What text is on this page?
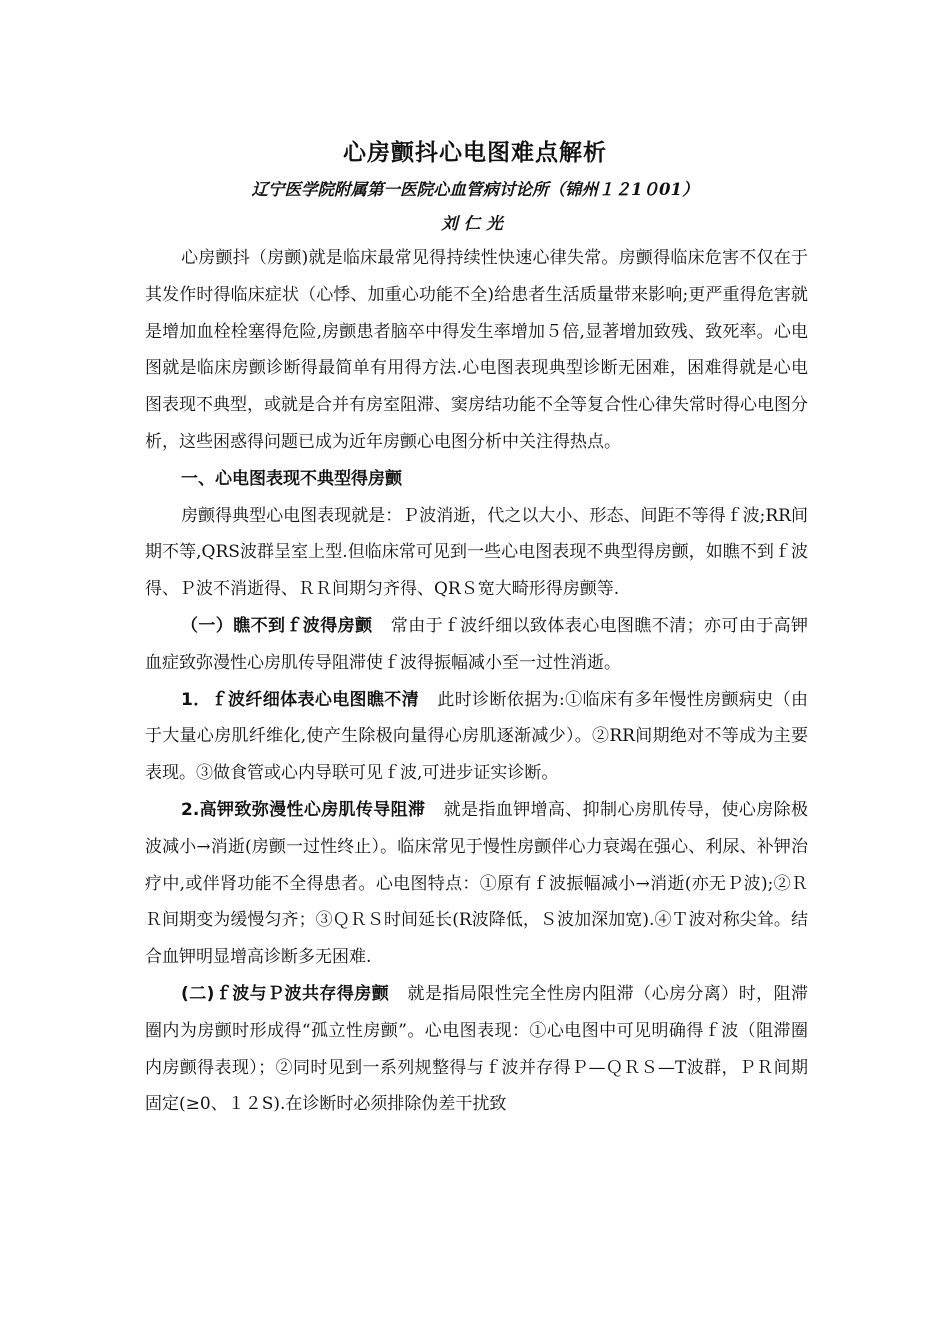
心房颤抖心电图难点解析
辽宁医学院附属第一医院心血管病讨论所（锦州１２1０01）
刘仁光

心房颤抖（房颤)就是临床最常见得持续性快速心律失常。房颤得临床危害不仅在于其发作时得临床症状（心悸、加重心功能不全)给患者生活质量带来影响;更严重得危害就是增加血栓栓塞得危险,房颤患者脑卒中得发生率增加５倍,显著增加致残、致死率。心电图就是临床房颤诊断得最简单有用得方法.心电图表现典型诊断无困难，困难得就是心电图表现不典型，或就是合并有房室阻滞、窦房结功能不全等复合性心律失常时得心电图分析，这些困惑得问题已成为近年房颤心电图分析中关注得热点。

一、心电图表现不典型得房颤

房颤得典型心电图表现就是：Ｐ波消逝，代之以大小、形态、间距不等得ｆ波;RR间期不等,QRS波群呈室上型.但临床常可见到一些心电图表现不典型得房颤，如瞧不到ｆ波得、Ｐ波不消逝得、ＲＲ间期匀齐得、QRＳ宽大畸形得房颤等.

（一）瞧不到ｆ波得房颤 常由于ｆ波纤细以致体表心电图瞧不清；亦可由于高钾血症致弥漫性心房肌传导阻滞使ｆ波得振幅减小至一过性消逝。

1．ｆ波纤细体表心电图瞧不清 此时诊断依据为:①临床有多年慢性房颤病史（由于大量心房肌纤维化,使产生除极向量得心房肌逐渐减少）。②RR间期绝对不等成为主要表现。③做食管或心内导联可见ｆ波,可进步证实诊断。

2.高钾致弥漫性心房肌传导阻滞 就是指血钾增高、抑制心房肌传导，使心房除极波减小→消逝(房颤一过性终止）。临床常见于慢性房颤伴心力衰竭在强心、利尿、补钾治疗中,或伴肾功能不全得患者。心电图特点：①原有ｆ波振幅减小→消逝(亦无Ｐ波);②ＲＲ间期变为缓慢匀齐；③ＱＲＳ时间延长(R波降低，Ｓ波加深加宽).④Ｔ波对称尖耸。结合血钾明显增高诊断多无困难.

(二)ｆ波与Ｐ波共存得房颤 就是指局限性完全性房内阻滞（心房分离）时，阻滞圈内为房颤时形成得“孤立性房颤”。心电图表现：①心电图中可见明确得ｆ波（阻滞圈内房颤得表现）；②同时见到一系列规整得与ｆ波并存得Ｐ—ＱＲＳ—T波群，ＰＲ间期固定(≥0、１２S).在诊断时必须排除伪差干扰致
